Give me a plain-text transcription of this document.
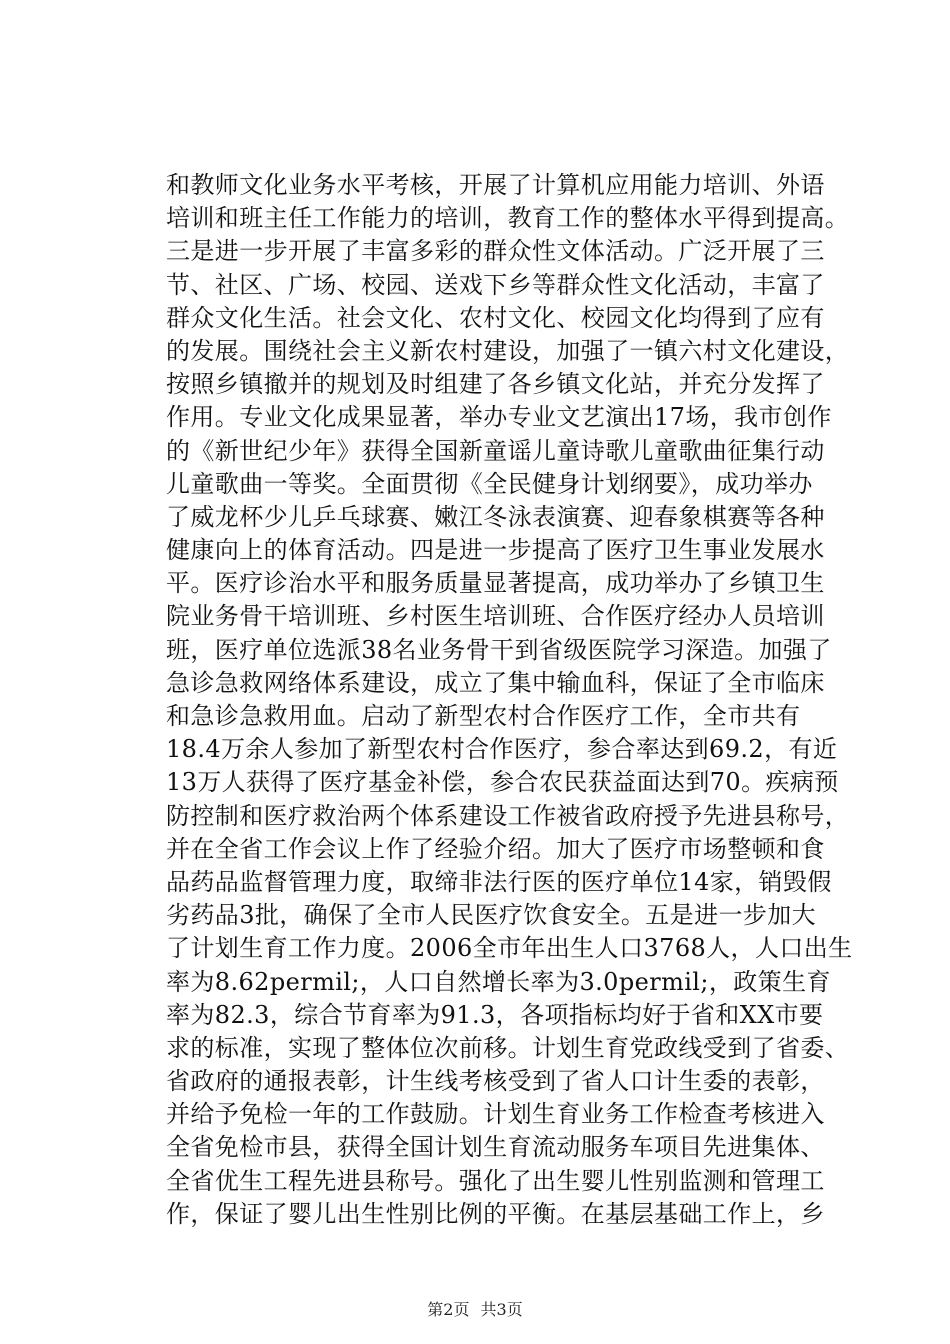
和教师文化业务水平考核，开展了计算机应用能力培训、外语
培训和班主任工作能力的培训，教育工作的整体水平得到提高。
三是进一步开展了丰富多彩的群众性文体活动。广泛开展了三
节、社区、广场、校园、送戏下乡等群众性文化活动，丰富了
群众文化生活。社会文化、农村文化、校园文化均得到了应有
的发展。围绕社会主义新农村建设，加强了一镇六村文化建设，
按照乡镇撤并的规划及时组建了各乡镇文化站，并充分发挥了
作用。专业文化成果显著，举办专业文艺演出17场，我市创作
的《新世纪少年》获得全国新童谣儿童诗歌儿童歌曲征集行动
儿童歌曲一等奖。全面贯彻《全民健身计划纲要》，成功举办
了威龙杯少儿乒乓球赛、嫩江冬泳表演赛、迎春象棋赛等各种
健康向上的体育活动。四是进一步提高了医疗卫生事业发展水
平。医疗诊治水平和服务质量显著提高，成功举办了乡镇卫生
院业务骨干培训班、乡村医生培训班、合作医疗经办人员培训
班，医疗单位选派38名业务骨干到省级医院学习深造。加强了
急诊急救网络体系建设，成立了集中输血科，保证了全市临床
和急诊急救用血。启动了新型农村合作医疗工作，全市共有
18.4万余人参加了新型农村合作医疗，参合率达到69.2，有近
13万人获得了医疗基金补偿，参合农民获益面达到70。疾病预
防控制和医疗救治两个体系建设工作被省政府授予先进县称号，
并在全省工作会议上作了经验介绍。加大了医疗市场整顿和食
品药品监督管理力度，取缔非法行医的医疗单位14家，销毁假
劣药品3批，确保了全市人民医疗饮食安全。五是进一步加大
了计划生育工作力度。2006全市年出生人口3768人，人口出生
率为8.62permil;，人口自然增长率为3.0permil;，政策生育
率为82.3，综合节育率为91.3，各项指标均好于省和XX市要
求的标准，实现了整体位次前移。计划生育党政线受到了省委、
省政府的通报表彰，计生线考核受到了省人口计生委的表彰，
并给予免检一年的工作鼓励。计划生育业务工作检查考核进入
全省免检市县，获得全国计划生育流动服务车项目先进集体、
全省优生工程先进县称号。强化了出生婴儿性别监测和管理工
作，保证了婴儿出生性别比例的平衡。在基层基础工作上，乡
第2页 共3页
